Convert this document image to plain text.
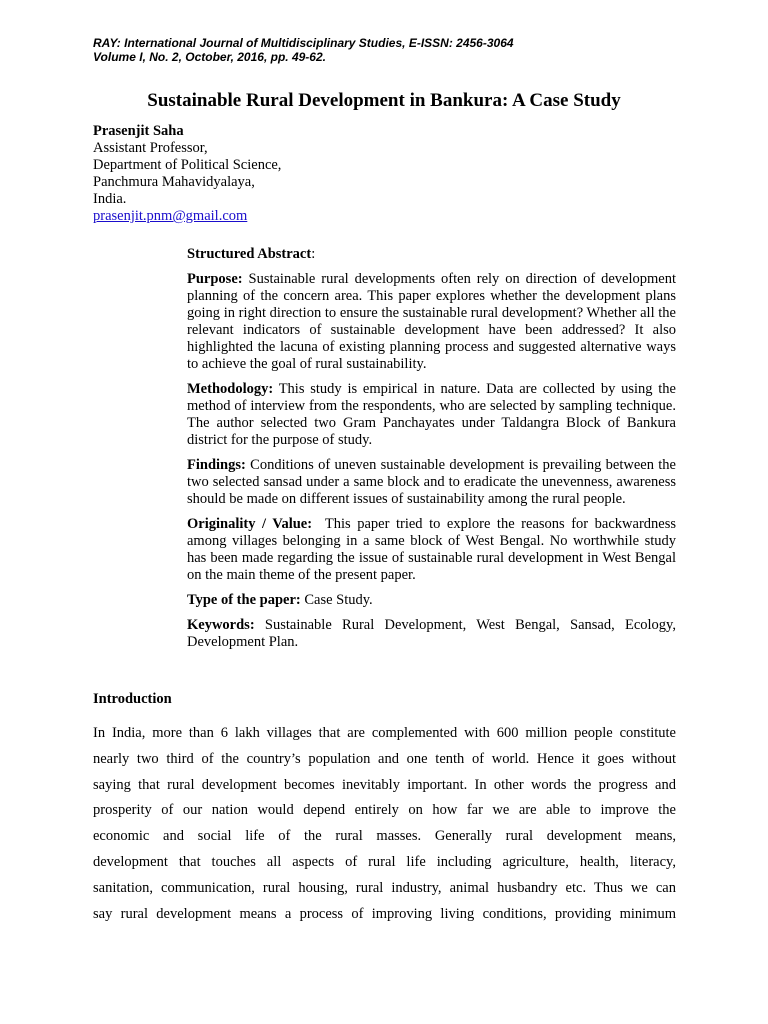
RAY: International Journal of Multidisciplinary Studies, E-ISSN: 2456-3064
Volume I, No. 2, October, 2016, pp. 49-62.
Sustainable Rural Development in Bankura: A Case Study
Prasenjit Saha
Assistant Professor,
Department of Political Science,
Panchmura Mahavidyalaya,
India.
prasenjit.pnm@gmail.com
Structured Abstract:

Purpose: Sustainable rural developments often rely on direction of development planning of the concern area. This paper explores whether the development plans going in right direction to ensure the sustainable rural development? Whether all the relevant indicators of sustainable development have been addressed? It also highlighted the lacuna of existing planning process and suggested alternative ways to achieve the goal of rural sustainability.

Methodology: This study is empirical in nature. Data are collected by using the method of interview from the respondents, who are selected by sampling technique. The author selected two Gram Panchayates under Taldangra Block of Bankura district for the purpose of study.

Findings: Conditions of uneven sustainable development is prevailing between the two selected sansad under a same block and to eradicate the unevenness, awareness should be made on different issues of sustainability among the rural people.

Originality / Value:  This paper tried to explore the reasons for backwardness among villages belonging in a same block of West Bengal. No worthwhile study has been made regarding the issue of sustainable rural development in West Bengal on the main theme of the present paper.

Type of the paper: Case Study.

Keywords: Sustainable Rural Development, West Bengal, Sansad, Ecology, Development Plan.

Introduction
In India, more than 6 lakh villages that are complemented with 600 million people constitute
nearly two third of the country’s population and one tenth of world. Hence it goes without
saying that rural development becomes inevitably important. In other words the progress and
prosperity of our nation would depend entirely on how far we are able to improve the
economic and social life of the rural masses. Generally rural development means,
development that touches all aspects of rural life including agriculture, health, literacy,
sanitation, communication, rural housing, rural industry, animal husbandry etc. Thus we can
say rural development means a process of improving living conditions, providing minimum
